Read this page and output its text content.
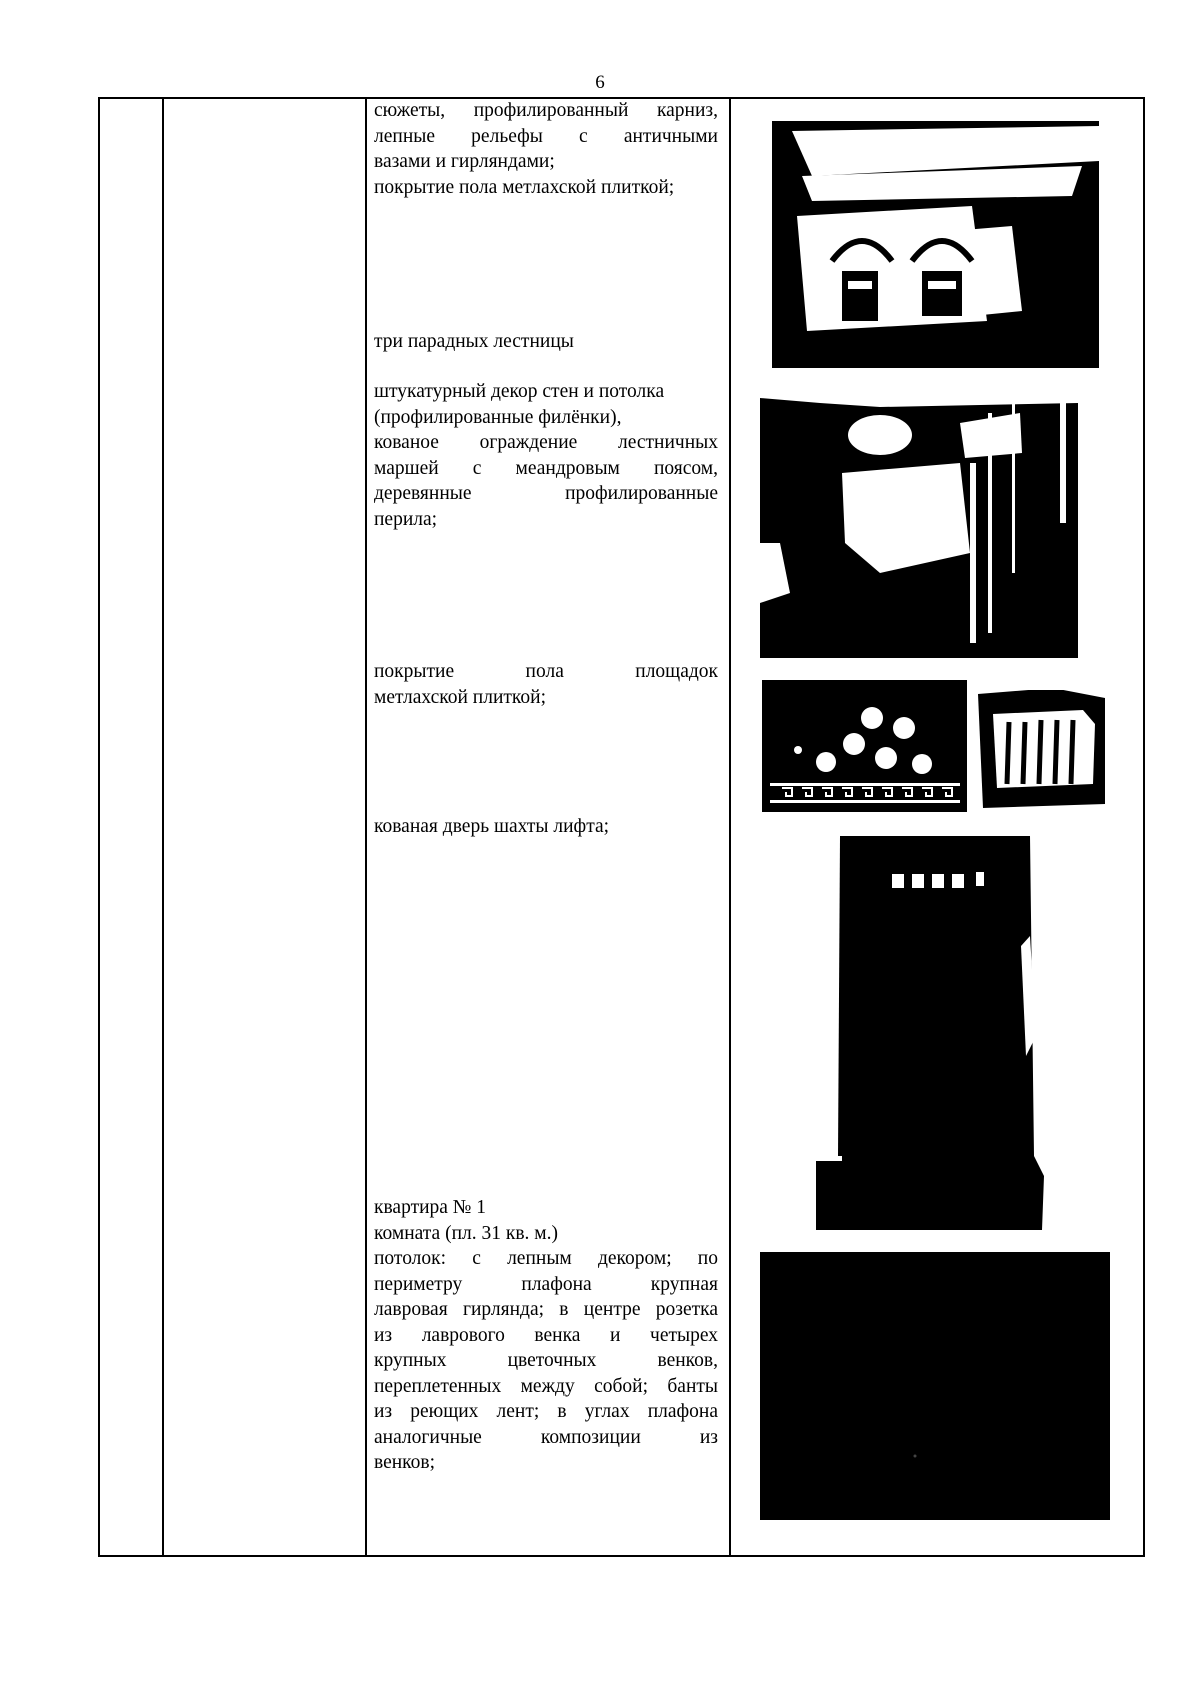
6

сюжеты, профилированный карниз,

лепные рельефы с античными

вазами и гирляндами;

покрытие пола метлахской плиткой;

три парадных лестницы

штукатурный декор стен и потолка

(профилированные филёнки),

кованое ограждение лестничных

маршей с меандровым поясом,

деревянные профилированные

перила;

покрытие пола площадок

метлахской плиткой;

кованая дверь шахты лифта;

квартира № 1

комната (пл. 31 кв. м.)

потолок: с лепным декором; по

периметру плафона крупная

лавровая гирлянда; в центре розетка

из лаврового венка и четырех

крупных цветочных венков,

переплетенных между собой; банты

из реющих лент; в углах плафона

аналогичные композиции из

венков;
